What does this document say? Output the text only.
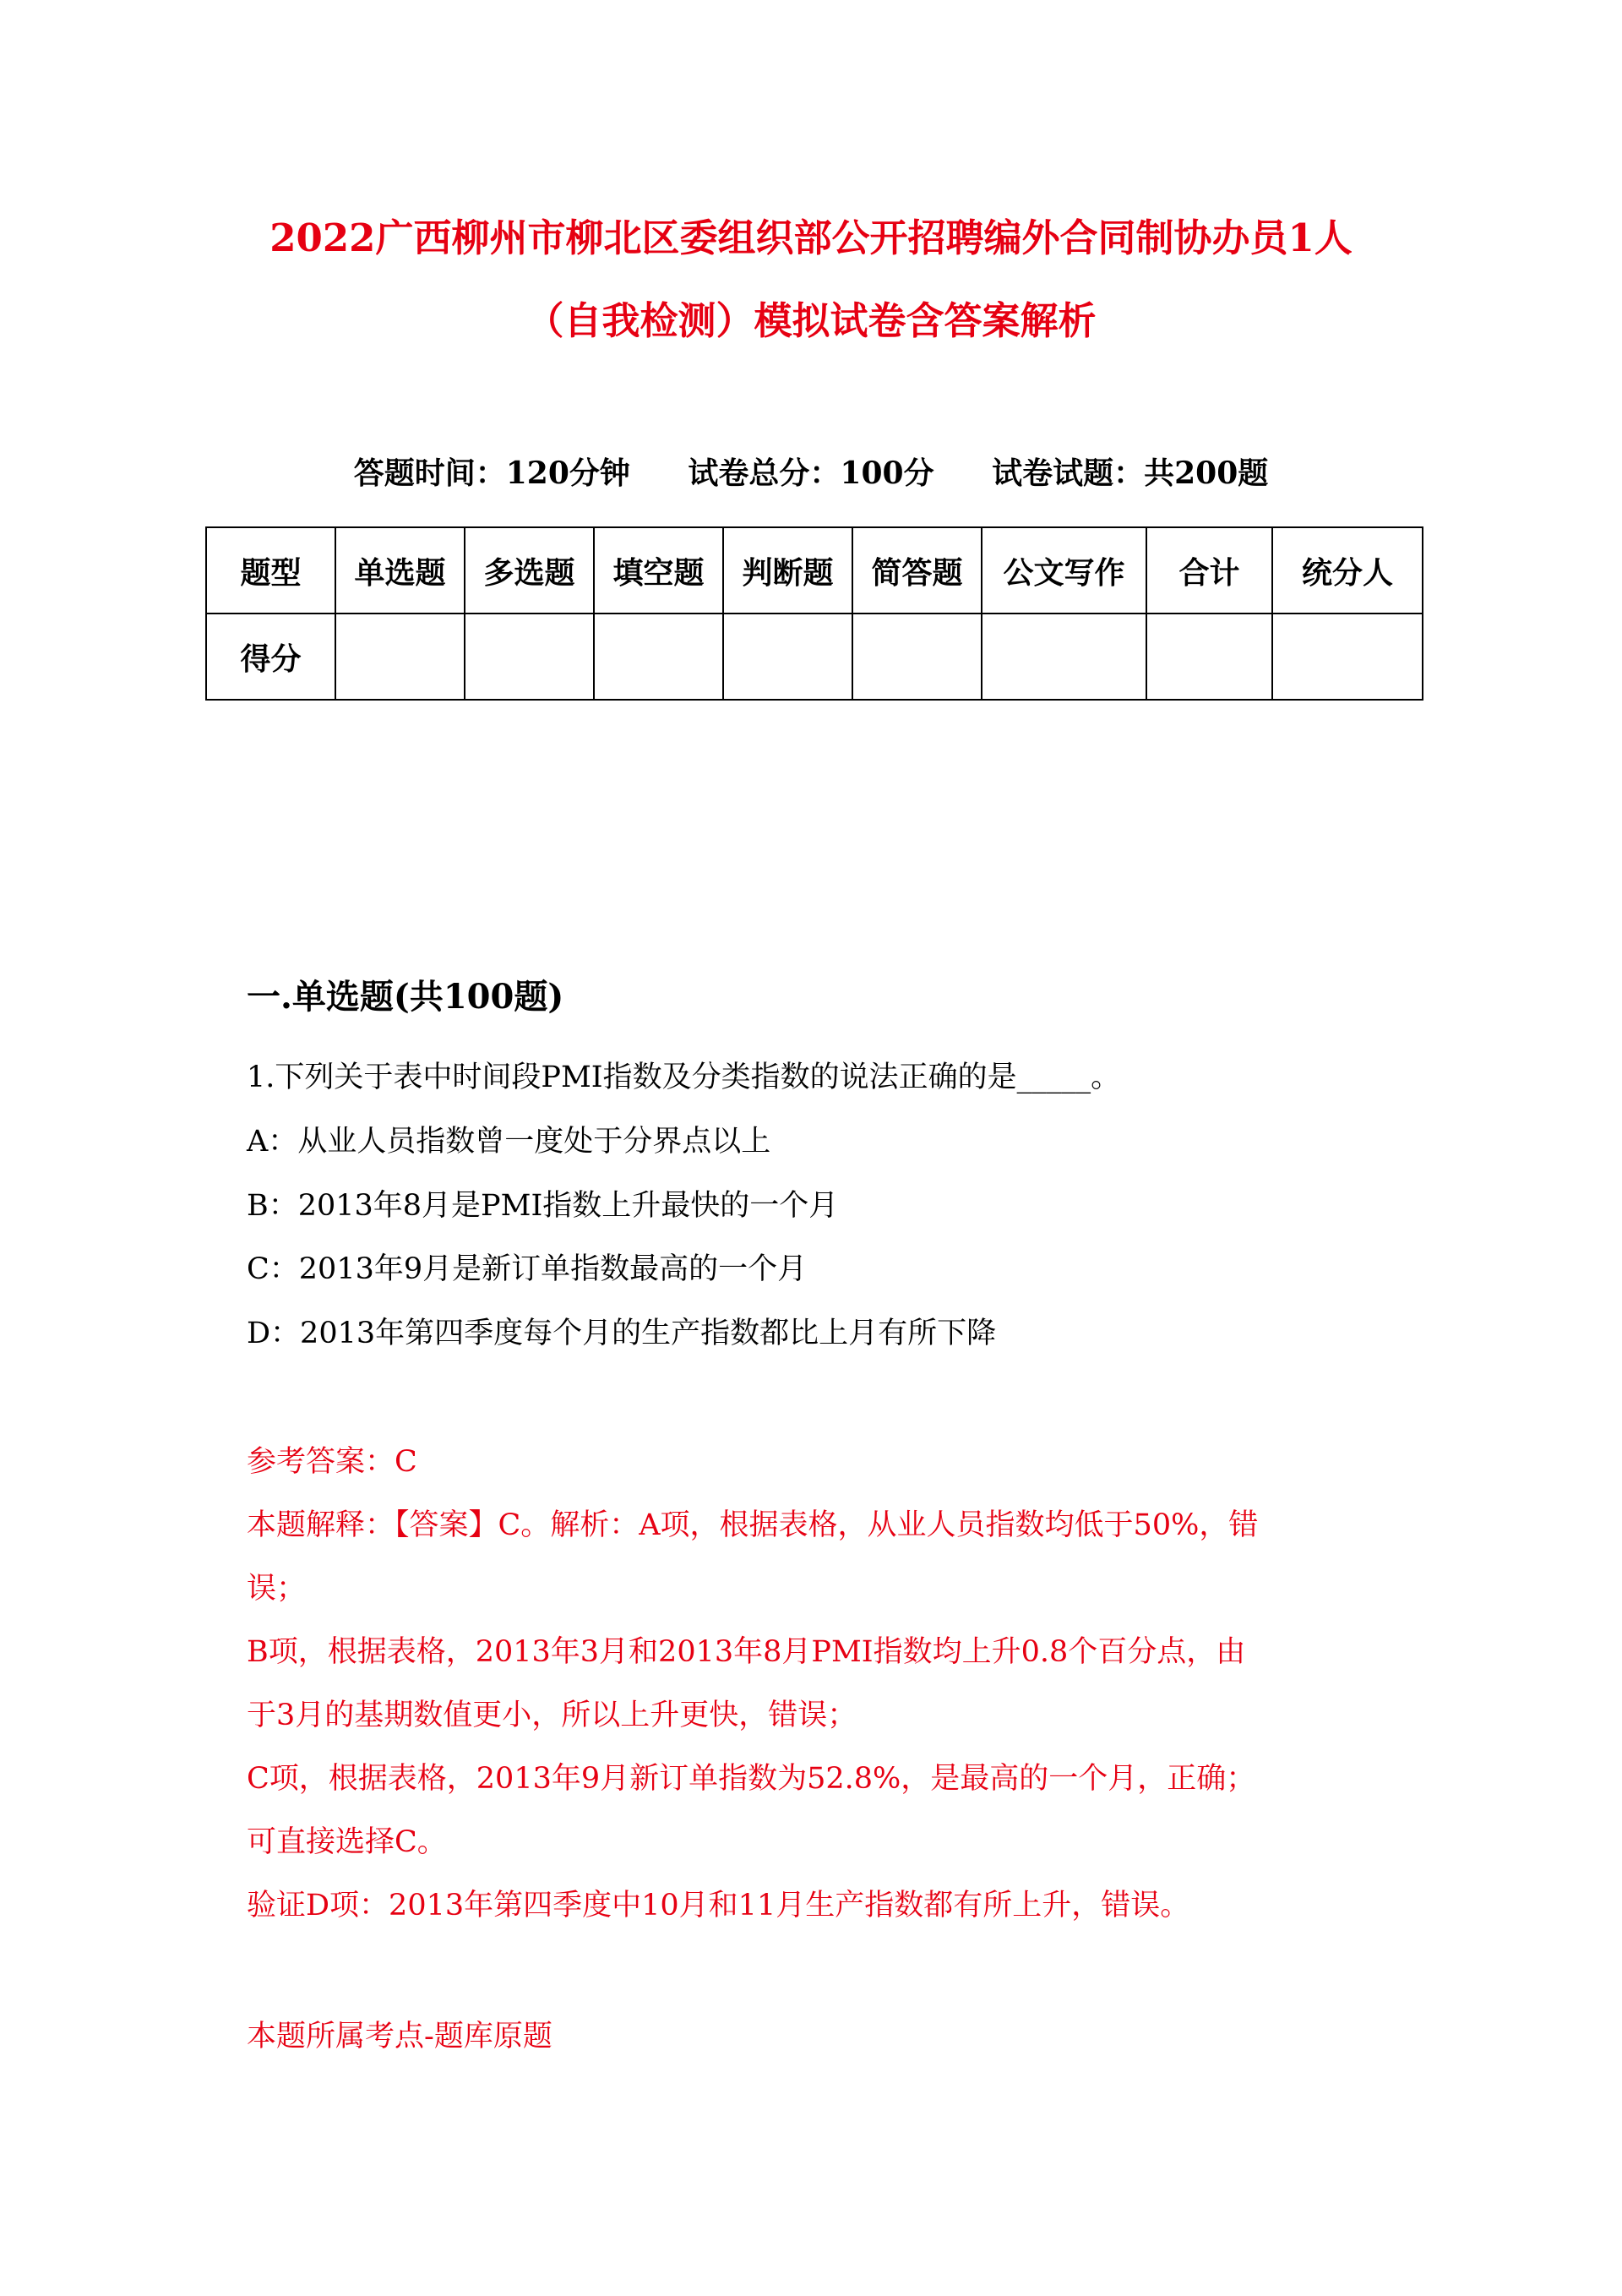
2022广西柳州市柳北区委组织部公开招聘编外合同制协办员1人
（自我检测）模拟试卷含答案解析
答题时间：120分钟 试卷总分：100分 试卷试题：共200题
题型	单选题	多选题	填空题	判断题	简答题	公文写作	合计	统分人
得分								
一.单选题(共100题)
1.下列关于表中时间段PMI指数及分类指数的说法正确的是_____。
A：从业人员指数曾一度处于分界点以上
B：2013年8月是PMI指数上升最快的一个月
C：2013年9月是新订单指数最高的一个月
D：2013年第四季度每个月的生产指数都比上月有所下降
参考答案：C
本题解释：【答案】C。解析：A项，根据表格，从业人员指数均低于50%，错
误；
B项，根据表格，2013年3月和2013年8月PMI指数均上升0.8个百分点，由
于3月的基期数值更小，所以上升更快，错误；
C项，根据表格，2013年9月新订单指数为52.8%，是最高的一个月，正确；
可直接选择C。
验证D项：2013年第四季度中10月和11月生产指数都有所上升，错误。
本题所属考点-题库原题
